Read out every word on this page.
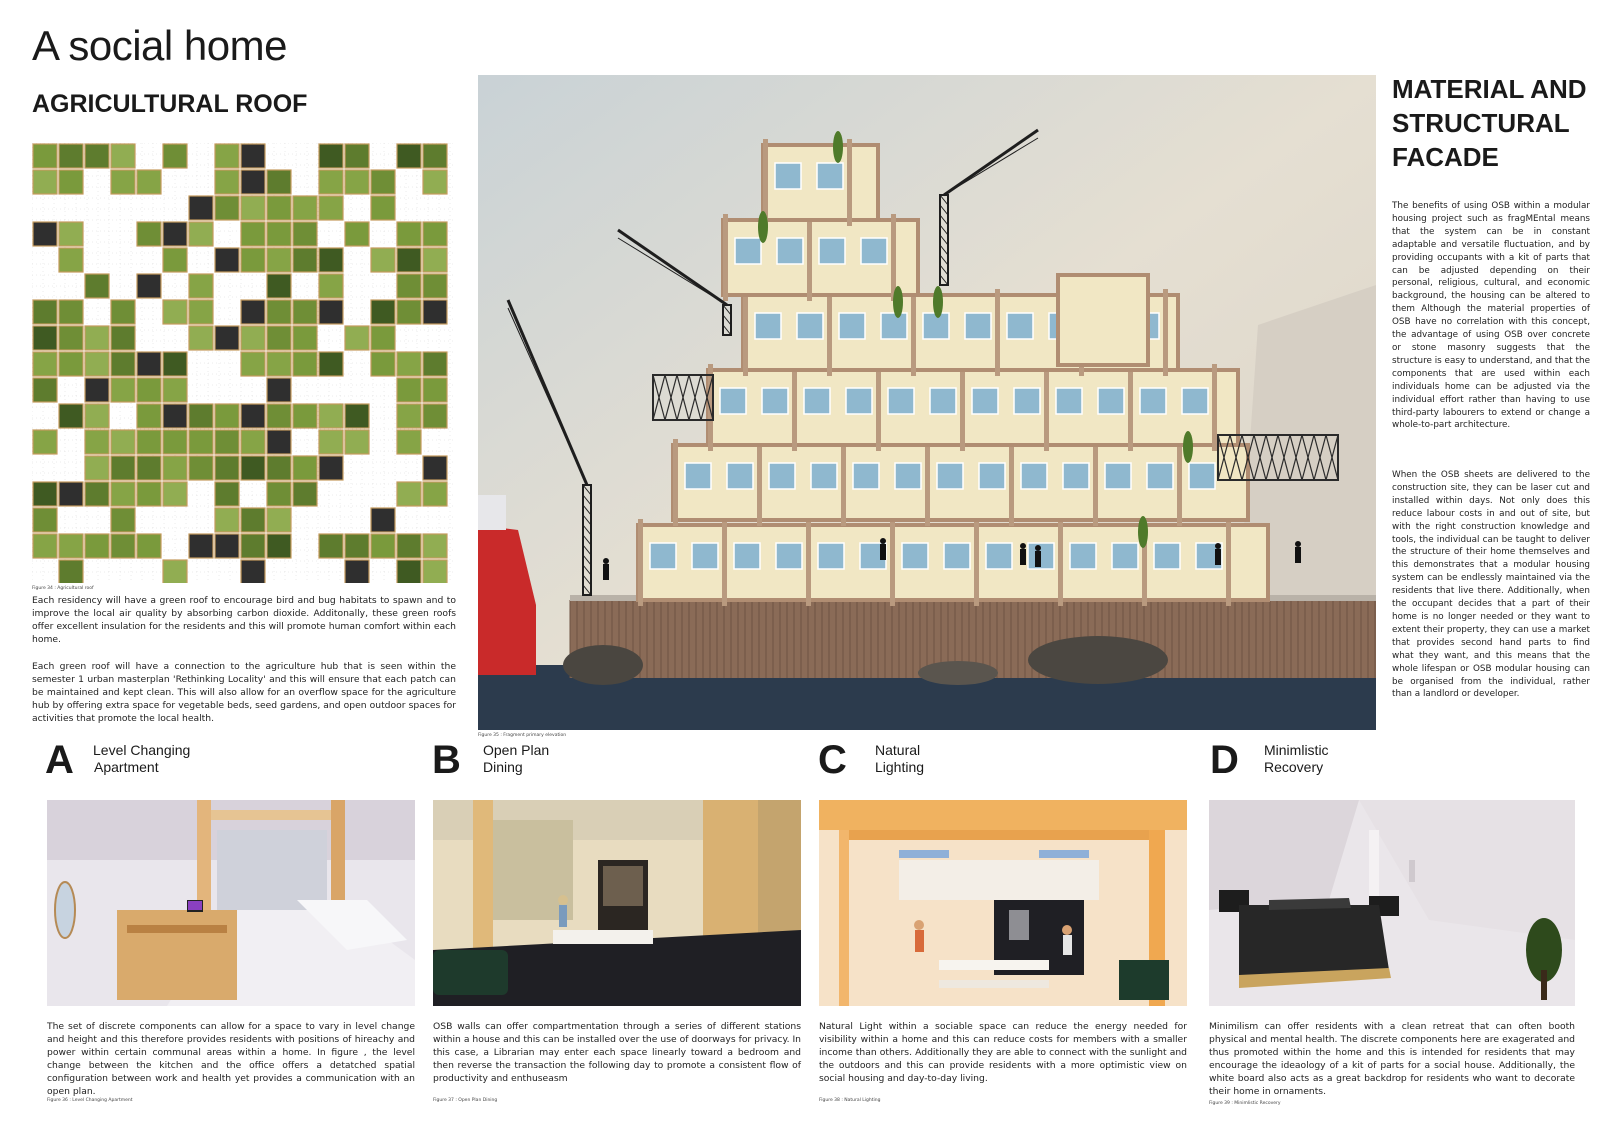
A social home
AGRICULTURAL ROOF	MATERIAL AND STRUCTURAL FACADE
Figure 34 : Agricultural roof
Each residency will have a green roof to encourage bird and bug habitats to spawn and to improve the local air quality by absorbing carbon dioxide. Additonally, these green roofs offer excellent insulation for the residents and this will promote human comfort within each home.
Each green roof will have a connection to the agriculture hub that is seen within the semester 1 urban masterplan 'Rethinking Locality' and this will ensure that each patch can be maintained and kept clean. This will also allow for an overflow space for the agriculture hub by offering extra space for vegetable beds, seed gardens, and open outdoor spaces for activities that promote the local health.
Figure 35 : Fragment primary elevation
The benefits of using OSB within a modular housing project such as fragMEntal means that the system can be in constant adaptable and versatile fluctuation, and by providing occupants with a kit of parts that can be adjusted depending on their personal, religious, cultural, and economic background, the housing can be altered to them Although the material properties of OSB have no correlation with this concept, the advantage of using OSB over concrete or stone masonry suggests that the structure is easy to understand, and that the components that are used within each individuals home can be adjusted via the individual effort rather than having to use third-party labourers to extend or change a whole-to-part architecture.
When the OSB sheets are delivered to the construction site, they can be laser cut and installed within days. Not only does this reduce labour costs in and out of site, but with the right construction knowledge and tools, the individual can be taught to deliver the structure of their home themselves and this demonstrates that a modular housing system can be endlessly maintained via the residents that live there. Additionally, when the occupant decides that a part of their home is no longer needed or they want to extent their property, they can use a market that provides second hand parts to find what they want, and this means that the whole lifespan or OSB modular housing can be organised from the individual, rather than a landlord or developer.
A Level Changing
Apartment
The set of discrete components can allow for a space to vary in level change and height and this therefore provides residents with positions of hireachy and power within certain communal areas within a home. In figure , the level change between the kitchen and the office offers a detatched spatial configuration between work and health yet provides a communication with an open plan.
Figure 36 : Level Changing Apartment
B Open Plan
Dining
OSB walls can offer compartmentation through a series of different stations within a house and this can be installed over the use of doorways for privacy. In this case, a Librarian may enter each space linearly toward a bedroom and then reverse the transaction the following day to promote a consistent flow of productivity and enthuseasm
Figure 37 : Open Plan Dining
C Natural
Lighting
Natural Light within a sociable space can reduce the energy needed for visibility within a home and this can reduce costs for members with a smaller income than others. Additionally they are able to connect with the sunlight and the outdoors and this can provide residents with a more optimistic view on social housing and day-to-day living.
Figure 38 : Natural Lighting
D Minimlistic
Recovery
Minimilism can offer residents with a clean retreat that can often booth physical and mental health. The discrete components here are exagerated and thus promoted within the home and this is intended for residents that may encourage the ideaology of a kit of parts for a social house. Additionally, the white board also acts as a great backdrop for residents who want to decorate their home in ornaments.
Figure 39 : Minimlistic Recovery
